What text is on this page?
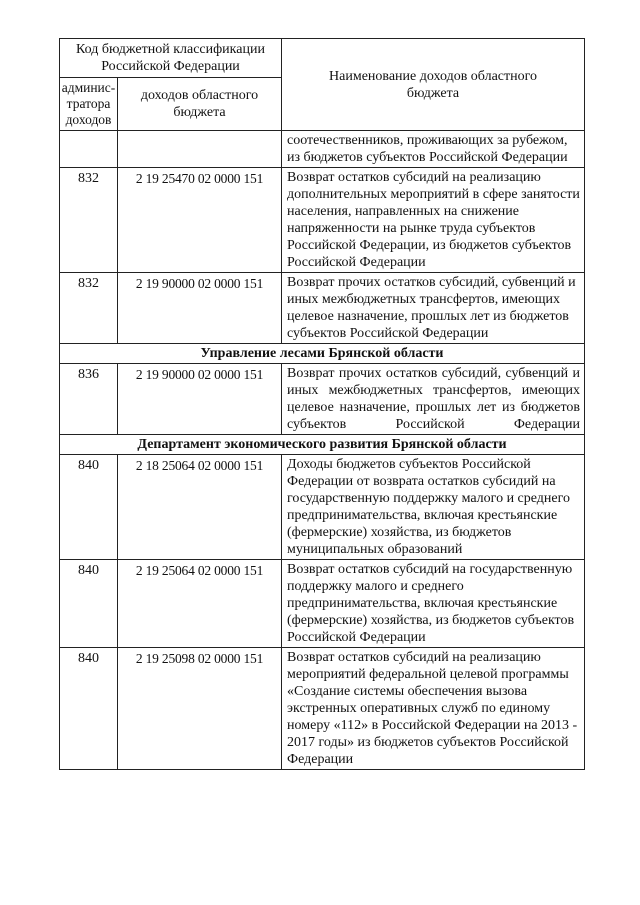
Код бюджетной классификации Российской Федерации		Наименование доходов областного бюджета
админис-тратора доходов	доходов областного бюджета	
		соотечественников, проживающих за рубежом, из бюджетов субъектов Российской Федерации
832	2 19 25470 02 0000 151	Возврат остатков субсидий на реализацию дополнительных мероприятий в сфере занятости населения, направленных на снижение напряженности на рынке труда субъектов Российской Федерации, из бюджетов субъектов Российской Федерации
832	2 19 90000 02 0000 151	Возврат прочих остатков субсидий, субвенций и иных межбюджетных трансфертов, имеющих целевое назначение, прошлых лет из бюджетов субъектов Российской Федерации
Управление лесами Брянской области		
836	2 19 90000 02 0000 151	Возврат прочих остатков субсидий, субвенций и иных межбюджетных трансфертов, имеющих целевое назначение, прошлых лет из бюджетов субъектов Российской Федерации
Департамент экономического развития Брянской области		
840	2 18 25064 02 0000 151	Доходы бюджетов субъектов Российской Федерации от возврата остатков субсидий на государственную поддержку малого и среднего предпринимательства, включая крестьянские (фермерские) хозяйства, из бюджетов муниципальных образований
840	2 19 25064 02 0000 151	Возврат остатков субсидий на государственную поддержку малого и среднего предпринимательства, включая крестьянские (фермерские) хозяйства, из бюджетов субъектов Российской Федерации
840	2 19 25098 02 0000 151	Возврат остатков субсидий на реализацию мероприятий федеральной целевой программы «Создание системы обеспечения вызова экстренных оперативных служб по единому номеру «112» в Российской Федерации на 2013 - 2017 годы» из бюджетов субъектов Российской Федерации
